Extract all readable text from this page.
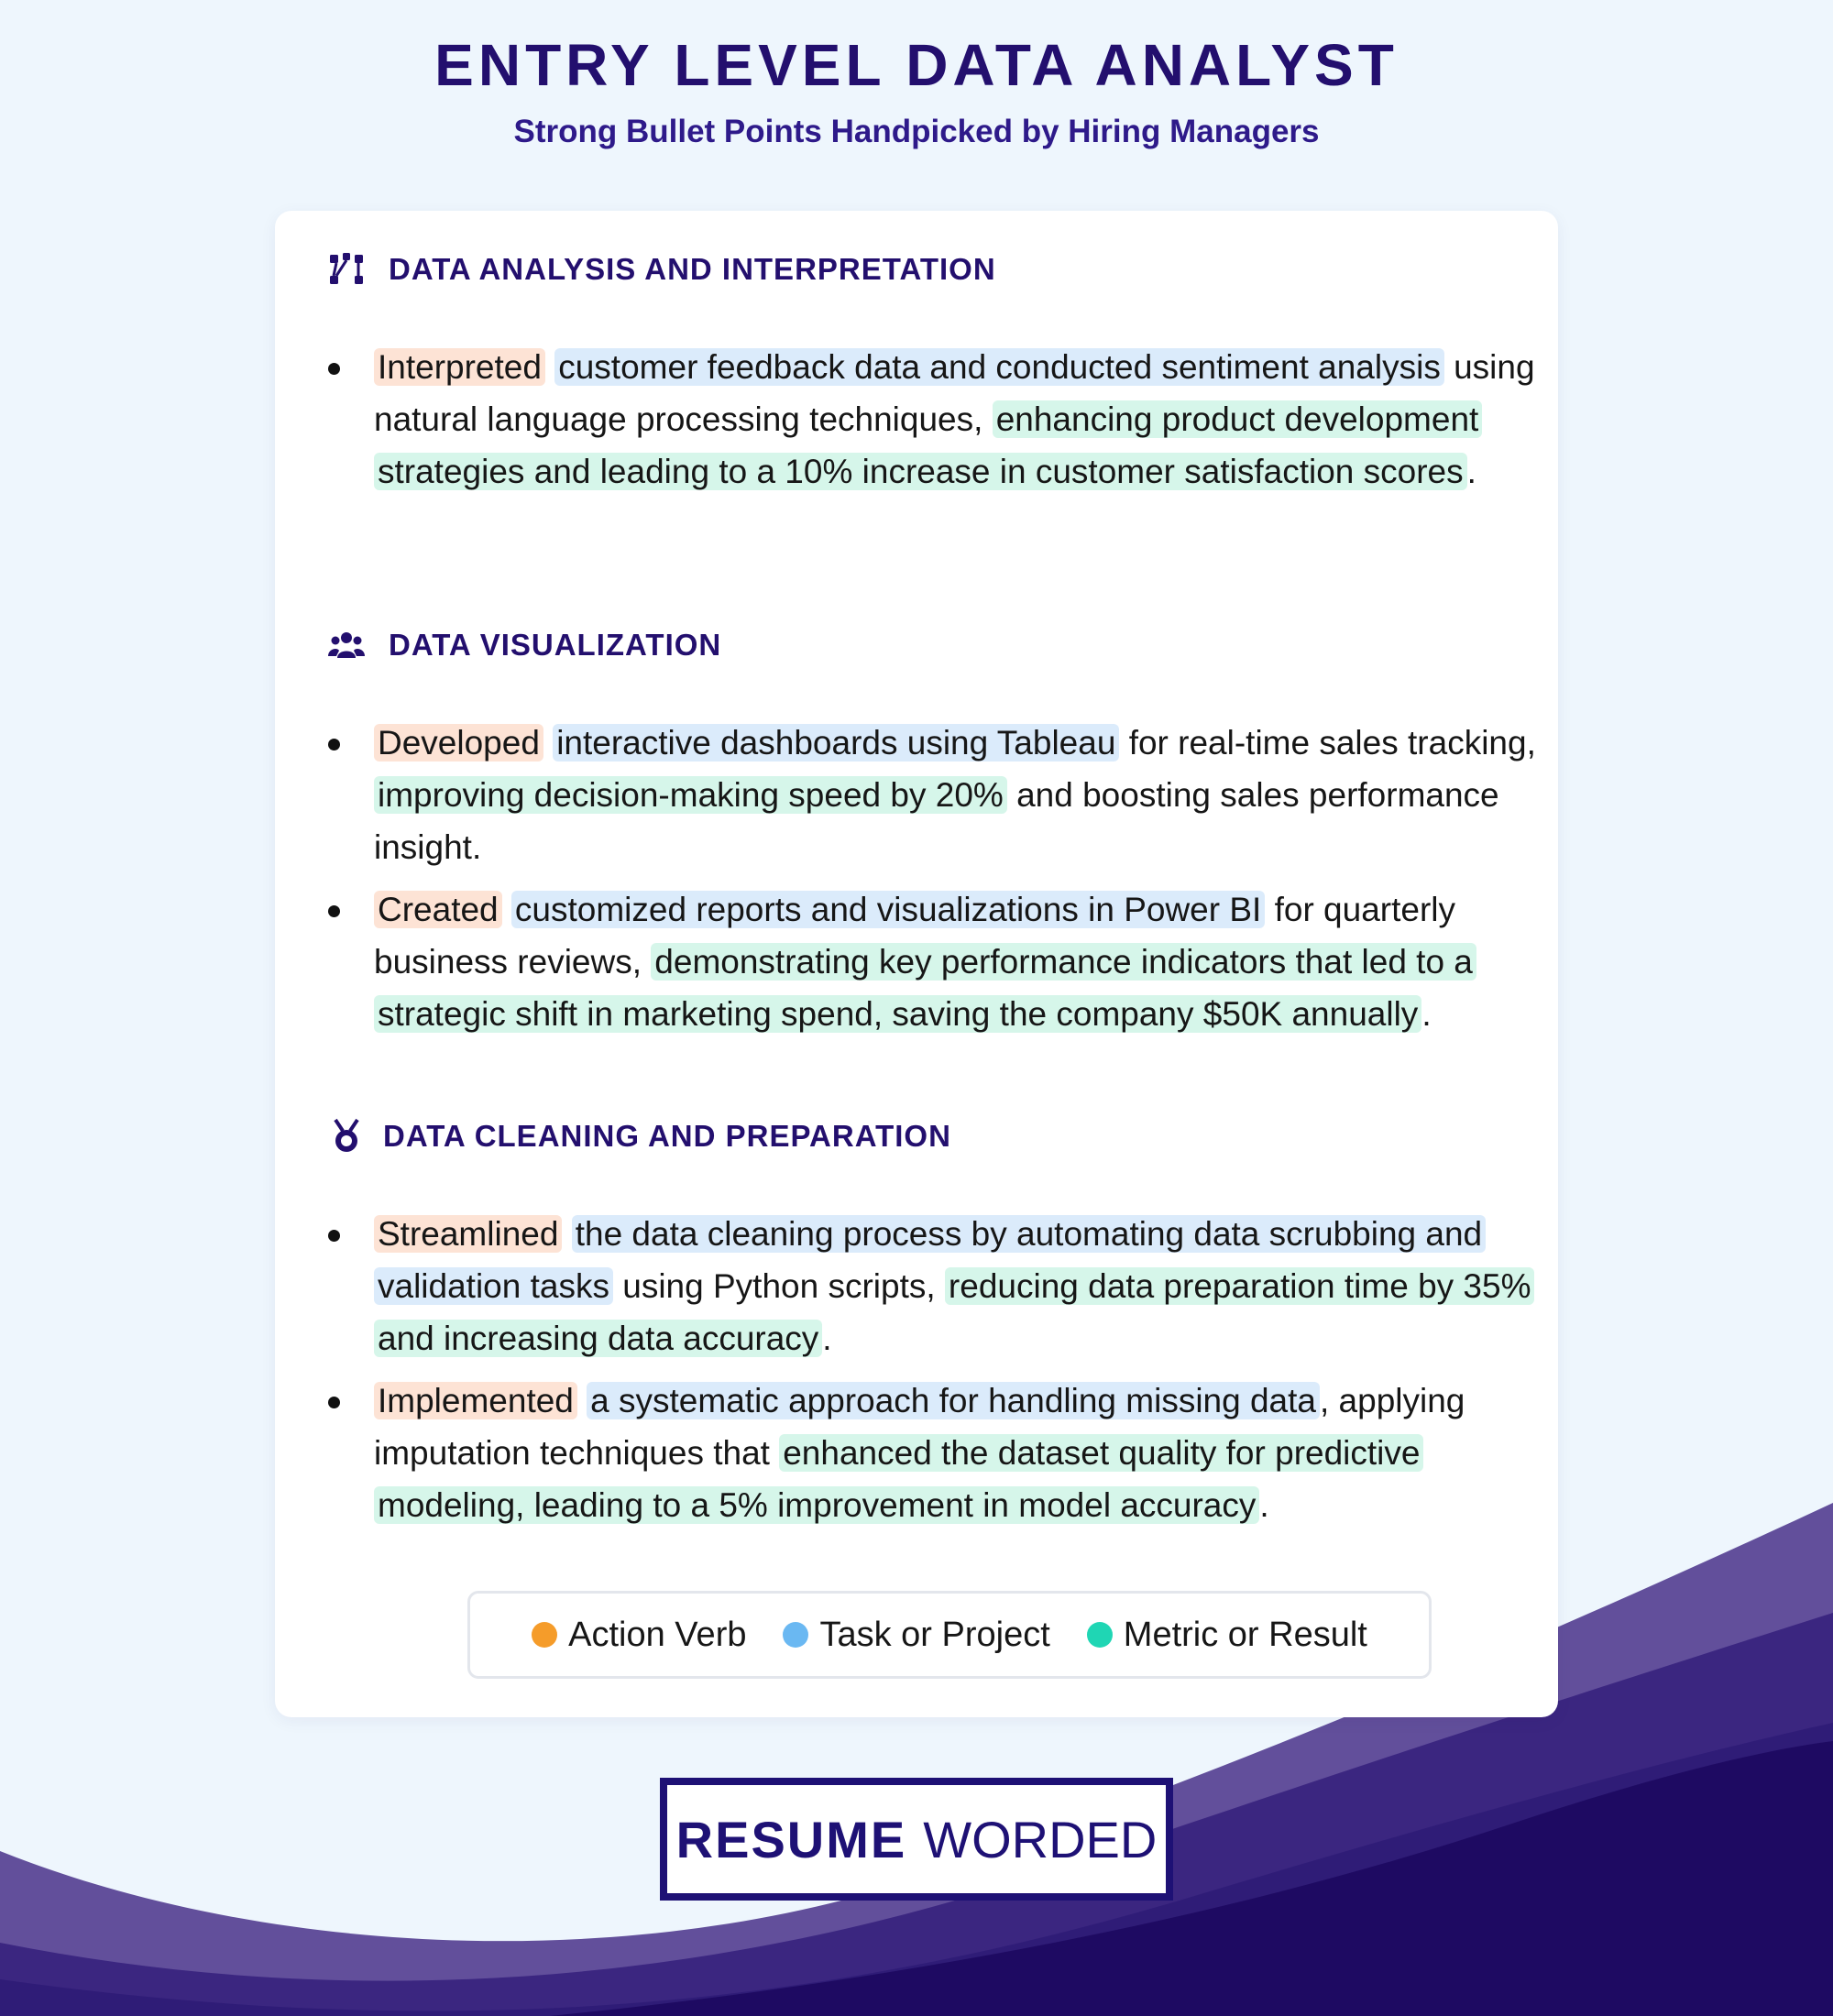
ENTRY LEVEL DATA ANALYST
Strong Bullet Points Handpicked by Hiring Managers
DATA ANALYSIS AND INTERPRETATION
Interpreted customer feedback data and conducted sentiment analysis using natural language processing techniques, enhancing product development strategies and leading to a 10% increase in customer satisfaction scores .
DATA VISUALIZATION
Developed interactive dashboards using Tableau for real-time sales tracking, improving decision-making speed by 20% and boosting sales performance insight.
Created customized reports and visualizations in Power BI for quarterly business reviews, demonstrating key performance indicators that led to a strategic shift in marketing spend, saving the company $50K annually .
DATA CLEANING AND PREPARATION
Streamlined the data cleaning process by automating data scrubbing and validation tasks using Python scripts, reducing data preparation time by 35% and increasing data accuracy .
Implemented a systematic approach for handling missing data , applying imputation techniques that enhanced the dataset quality for predictive modeling, leading to a 5% improvement in model accuracy .
Action Verb Task or Project Metric or Result
RESUME WORDED
